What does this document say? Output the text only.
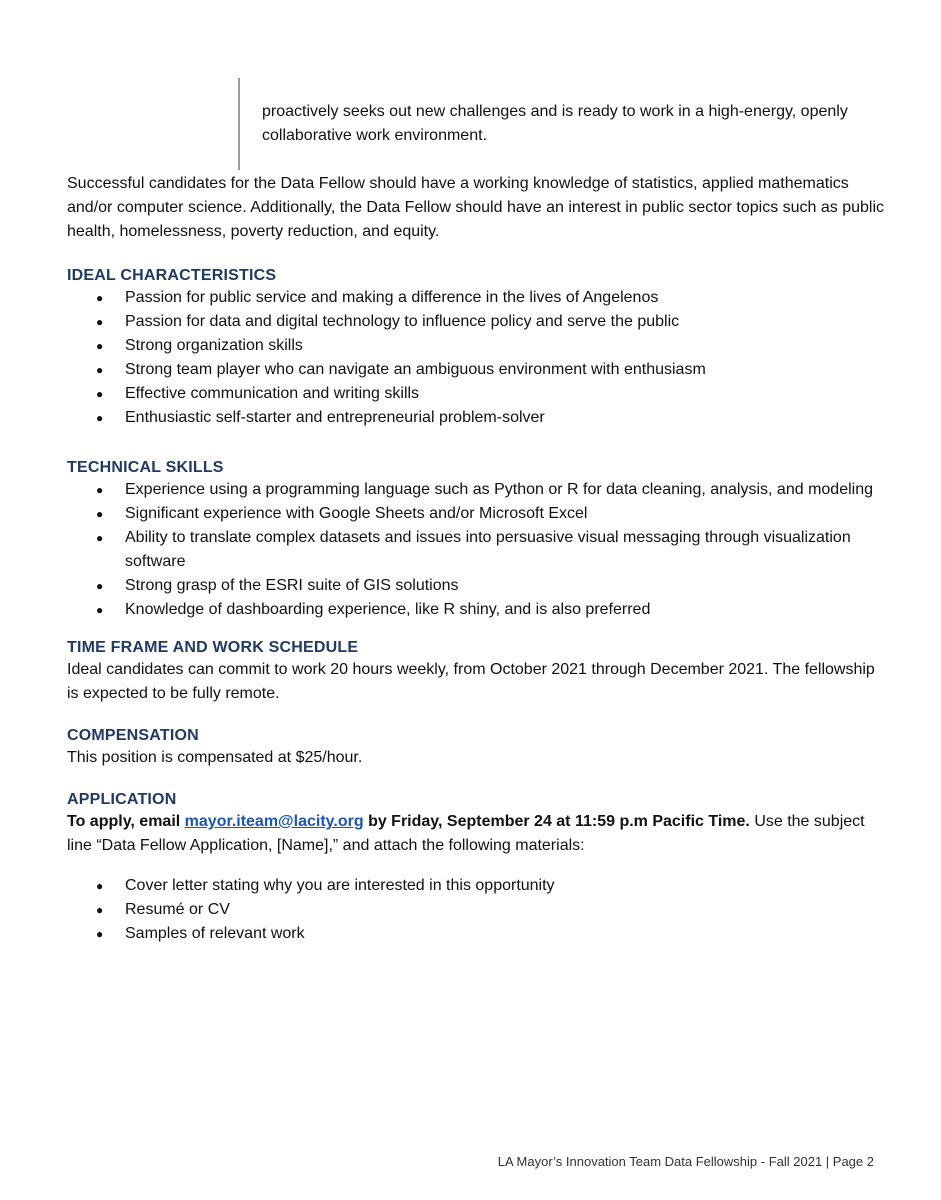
proactively seeks out new challenges and is ready to work in a high-energy, openly collaborative work environment.

Successful candidates for the Data Fellow should have a working knowledge of statistics, applied mathematics and/or computer science. Additionally, the Data Fellow should have an interest in public sector topics such as public health, homelessness, poverty reduction, and equity.

IDEAL CHARACTERISTICS

● Passion for public service and making a difference in the lives of Angelenos
● Passion for data and digital technology to influence policy and serve the public
● Strong organization skills
● Strong team player who can navigate an ambiguous environment with enthusiasm
● Effective communication and writing skills
● Enthusiastic self-starter and entrepreneurial problem-solver

TECHNICAL SKILLS

● Experience using a programming language such as Python or R for data cleaning, analysis, and modeling
● Significant experience with Google Sheets and/or Microsoft Excel
● Ability to translate complex datasets and issues into persuasive visual messaging through visualization software
● Strong grasp of the ESRI suite of GIS solutions
● Knowledge of dashboarding experience, like R shiny, and is also preferred

TIME FRAME AND WORK SCHEDULE

Ideal candidates can commit to work 20 hours weekly, from October 2021 through December 2021. The fellowship is expected to be fully remote.

COMPENSATION

This position is compensated at $25/hour.

APPLICATION

To apply, email mayor.iteam@lacity.org by Friday, September 24 at 11:59 p.m Pacific Time. Use the subject line “Data Fellow Application, [Name],” and attach the following materials:

● Cover letter stating why you are interested in this opportunity
● Resumé or CV
● Samples of relevant work
LA Mayor’s Innovation Team Data Fellowship - Fall 2021 | Page 2
